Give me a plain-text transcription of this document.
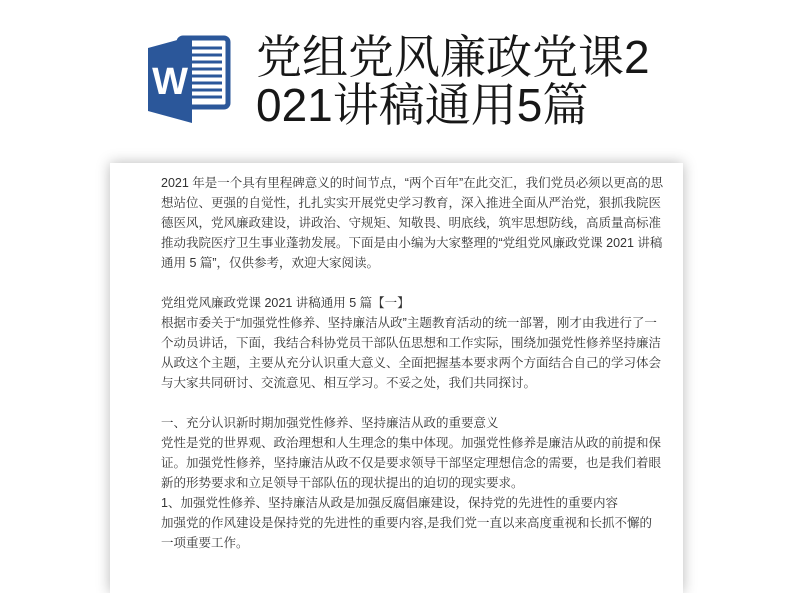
W 党组党风廉政党课2
021讲稿通用5篇
2021 年是一个具有里程碑意义的时间节点，“两个百年”在此交汇，我们党员必须以更高的思
想站位、更强的自觉性，扎扎实实开展党史学习教育，深入推进全面从严治党，狠抓我院医
德医风，党风廉政建设，讲政治、守规矩、知敬畏、明底线，筑牢思想防线，高质量高标准
推动我院医疗卫生事业蓬勃发展。下面是由小编为大家整理的“党组党风廉政党课 2021 讲稿
通用 5 篇”，仅供参考，欢迎大家阅读。

党组党风廉政党课 2021 讲稿通用 5 篇【一】
根据市委关于“加强党性修养、坚持廉洁从政”主题教育活动的统一部署，刚才由我进行了一
个动员讲话，下面，我结合科协党员干部队伍思想和工作实际，围绕加强党性修养坚持廉洁
从政这个主题，主要从充分认识重大意义、全面把握基本要求两个方面结合自己的学习体会
与大家共同研讨、交流意见、相互学习。不妥之处，我们共同探讨。

一、充分认识新时期加强党性修养、坚持廉洁从政的重要意义
党性是党的世界观、政治理想和人生理念的集中体现。加强党性修养是廉洁从政的前提和保
证。加强党性修养，坚持廉洁从政不仅是要求领导干部坚定理想信念的需要，也是我们着眼
新的形势要求和立足领导干部队伍的现状提出的迫切的现实要求。
1、加强党性修养、坚持廉洁从政是加强反腐倡廉建设，保持党的先进性的重要内容
加强党的作风建设是保持党的先进性的重要内容,是我们党一直以来高度重视和长抓不懈的
一项重要工作。
